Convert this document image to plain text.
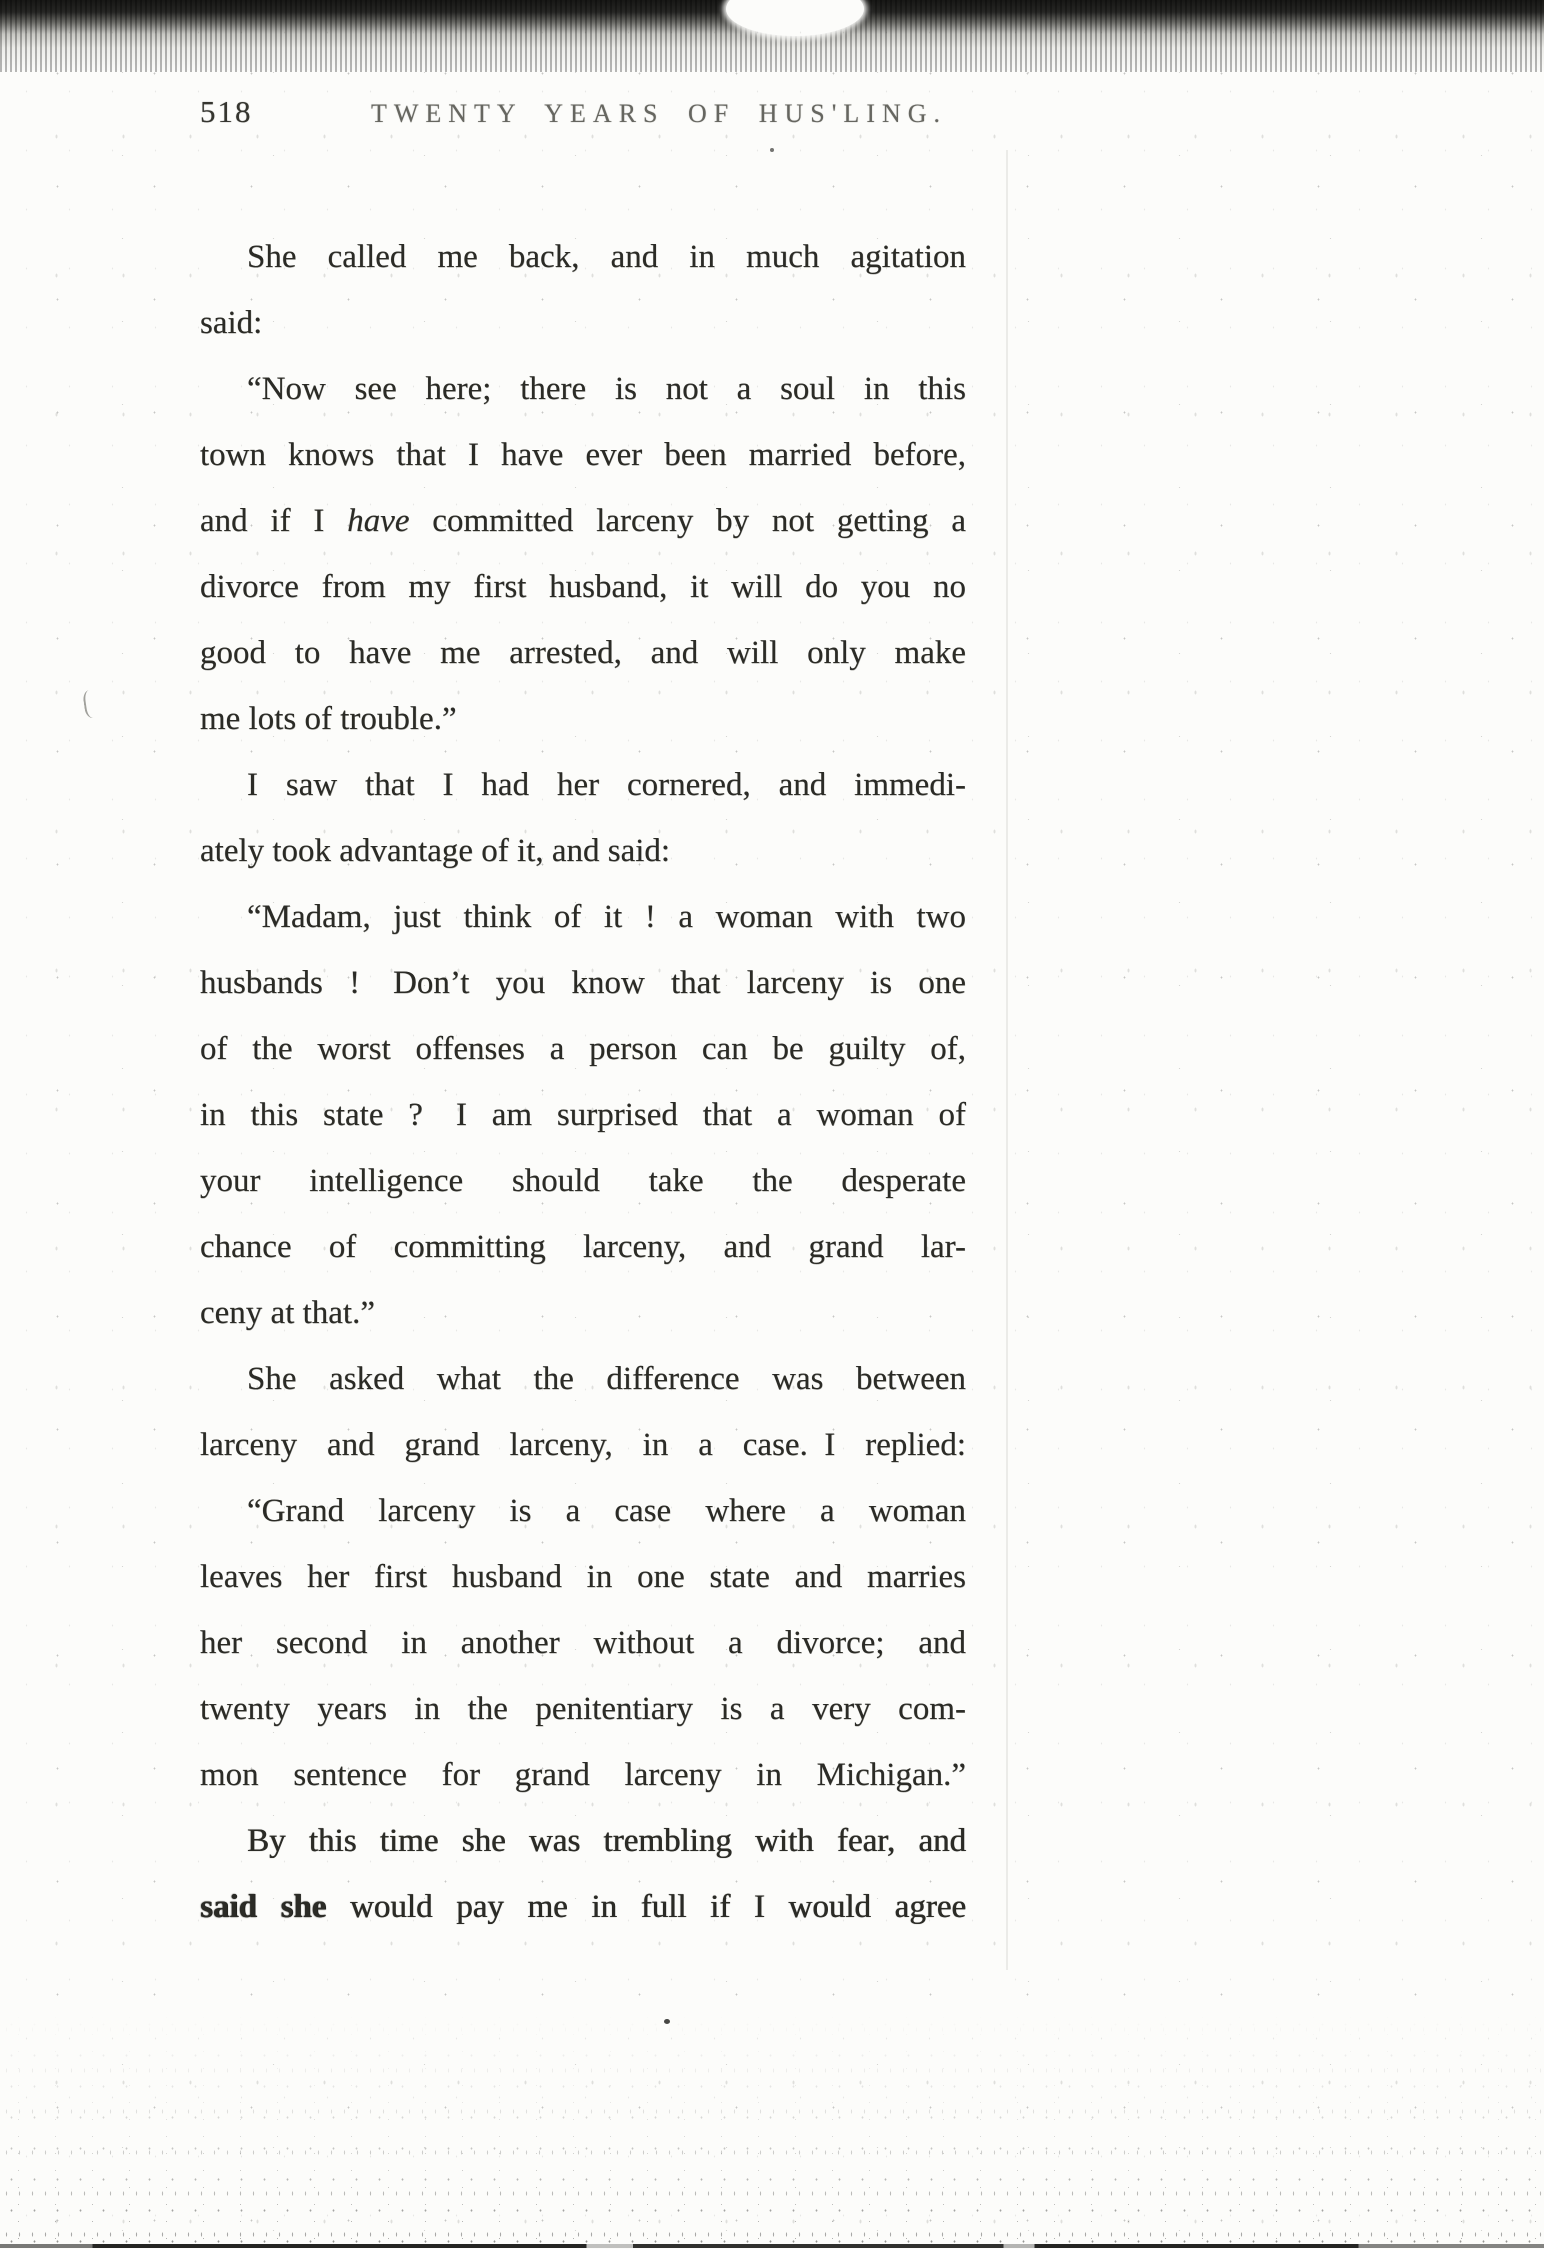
518	TWENTY YEARS OF HUS'LING.

She called me back, and in much agitation
said:

“Now see here; there is not a soul in this
town knows that I have ever been married before,
and if I have committed larceny by not getting a
divorce from my first husband, it will do you no
good to have me arrested, and will only make
me lots of trouble.”

I saw that I had her cornered, and immedi-
ately took advantage of it, and said:

“Madam, just think of it ! a woman with two
husbands ! Don’t you know that larceny is one
of the worst offenses a person can be guilty of,
in this state ? I am surprised that a woman of
your intelligence should take the desperate
chance of committing larceny, and grand lar-
ceny at that.”

She asked what the difference was between
larceny and grand larceny, in a case. I replied:

“Grand larceny is a case where a woman
leaves her first husband in one state and marries
her second in another without a divorce; and
twenty years in the penitentiary is a very com-
mon sentence for grand larceny in Michigan.”

By this time she was trembling with fear, and
said she would pay me in full if I would agree
